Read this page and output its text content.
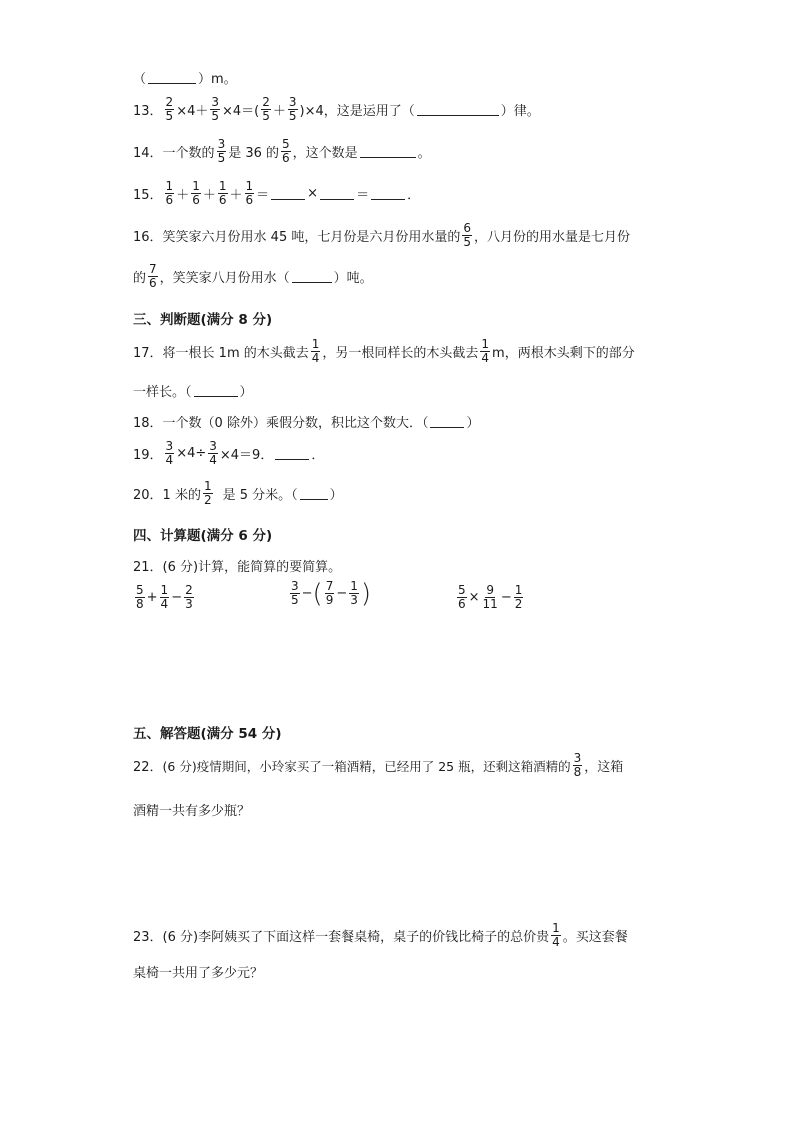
（	）m。
13． $\frac{2}{5} \times 4+ \frac{3}{5} \times 4=( \frac{2}{5} + \frac{3}{5} )\times 4$，这是运用了（	）律。
14． 一个数的 $\frac{3}{5}$ 是 36 的 $\frac{5}{6}$ ，这个数是	。
15． $\frac{1}{6} + \frac{1}{6} + \frac{1}{6} + \frac{1}{6}$ ＝	×	＝	．
16． 笑笑家六月份用水 45 吨，七月份是六月份用水量的 $\frac{6}{5}$ ，八月份的用水量是七月份
的 $\frac{7}{6}$ ，笑笑家八月份用水（	）吨。
三、判断题(满分 8 分)
17． 将一根长 1m 的木头截去 $\frac{1}{4}$ ，另一根同样长的木头截去 $\frac{1}{4}$ m，两根木头剩下的部分
一样长。（	）
18． 一个数（0 除外）乘假分数，积比这个数大．（	）
19． $\frac{3}{4} \times 4\div \frac{3}{4} \times 4=9$．	．
20． 1 米的 $\frac{1}{2}$ 是 5 分米。（ ）
四、计算题(满分 6 分)
21． (6 分)计算，能简算的要简算。
$\frac{5}{8} + \frac{1}{4} - \frac{2}{3}$	$\frac{3}{5}$ − ( $\frac{7}{9} - \frac{1}{3}$ )	$\frac{5}{6} \times \frac{9}{11} - \frac{1}{2}$
五、解答题(满分 54 分)
22． (6 分)疫情期间，小玲家买了一箱酒精，已经用了 25 瓶，还剩这箱酒精的 $\frac{3}{8}$ ，这箱
酒精一共有多少瓶？
23． (6 分)李阿姨买了下面这样一套餐桌椅，桌子的价钱比椅子的总价贵 $\frac{1}{4}$ 。买这套餐
桌椅一共用了多少元？
